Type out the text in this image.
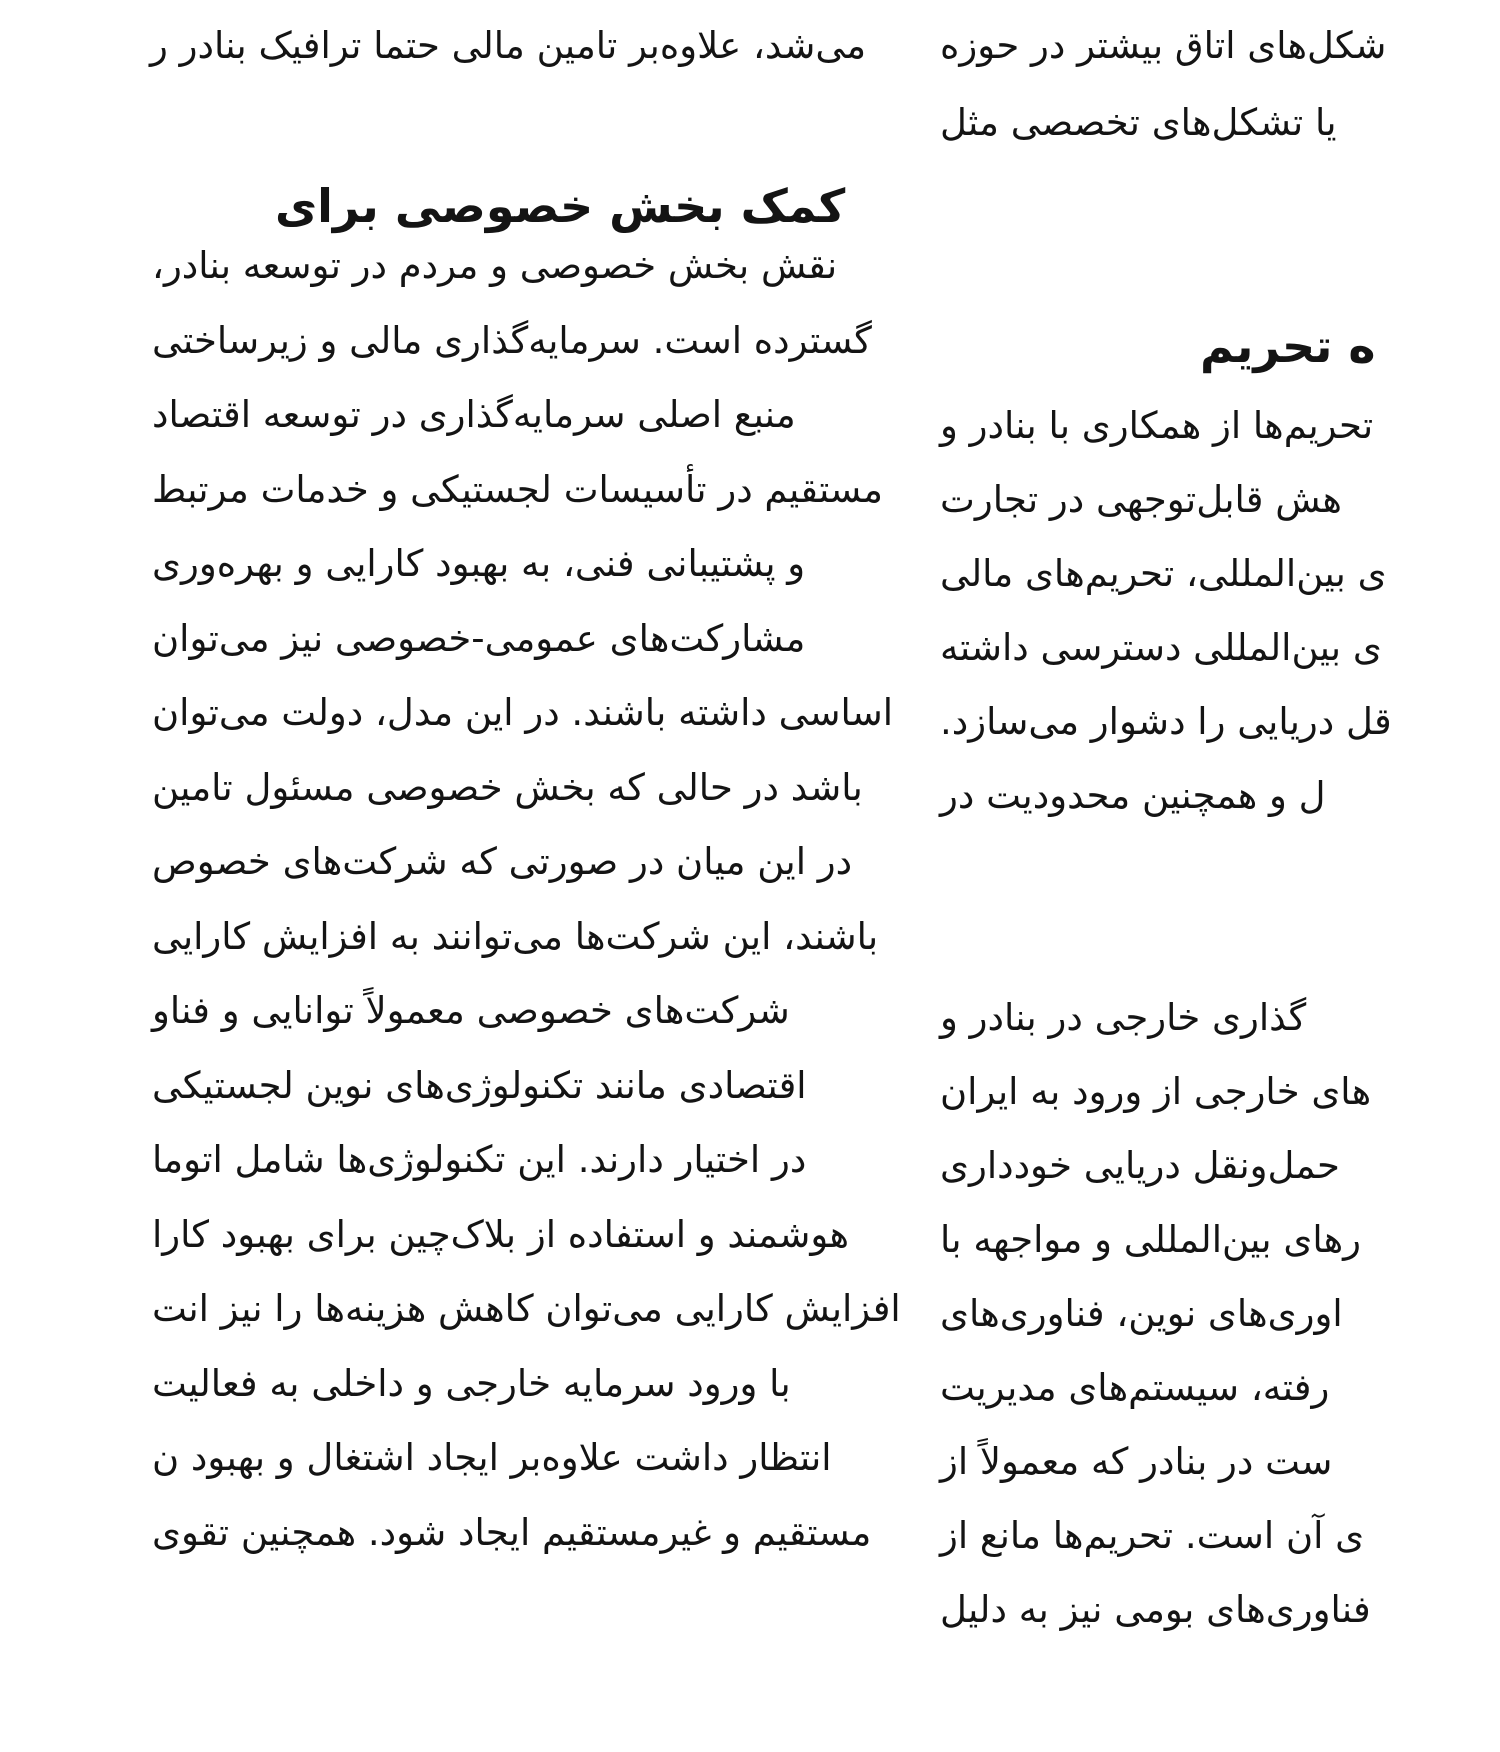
می‌شد، علاوه‌بر تامین مالی حتما ترافیک بنادر ر
کمک بخش خصوصی برای
نقش بخش خصوصی و مردم در توسعه بنادر،
گسترده است. سرمایه‌گذاری مالی و زیرساختی
منبع اصلی سرمایه‌گذاری در توسعه اقتصاد
مستقیم در تأسیسات لجستیکی و خدمات مرتبط
و پشتیبانی فنی، به بهبود کارایی و بهره‌وری
مشارکت‌های عمومی-خصوصی نیز می‌توان
اساسی داشته باشند. در این مدل، دولت می‌توان
باشد در حالی که بخش خصوصی مسئول تامین
در این میان در صورتی که شرکت‌های خصوص
باشند، این شرکت‌ها می‌توانند به افزایش کارایی
شرکت‌های خصوصی معمولاً توانایی و فناو
اقتصادی مانند تکنولوژی‌های نوین لجستیکی
در اختیار دارند. این تکنولوژی‌ها شامل اتوما
هوشمند و استفاده از بلاک‌چین برای بهبود کارا
افزایش کارایی می‌توان کاهش هزینه‌ها را نیز انت
با ورود سرمایه خارجی و داخلی به فعالیت
انتظار داشت علاوه‌بر ایجاد اشتغال و بهبود ن
مستقیم و غیرمستقیم ایجاد شود. همچنین تقوی
شکل‌های اتاق بیشتر در حوزه
یا تشکل‌های تخصصی مثل
ه تحریم
تحریم‌ها از همکاری با بنادر و
هش قابل‌توجهی در تجارت
ی بین‌المللی، تحریم‌های مالی
ی بین‌المللی دسترسی داشته
قل دریایی را دشوار می‌سازد.
ل و همچنین محدودیت در
گذاری خارجی در بنادر و
های خارجی از ورود به ایران
حمل‌ونقل دریایی خودداری
رهای بین‌المللی و مواجهه با
اوری‌های نوین، فناوری‌های
رفته، سیستم‌های مدیریت
ست در بنادر که معمولاً از
ی آن است. تحریم‌ها مانع از
فناوری‌های بومی نیز به دلیل
